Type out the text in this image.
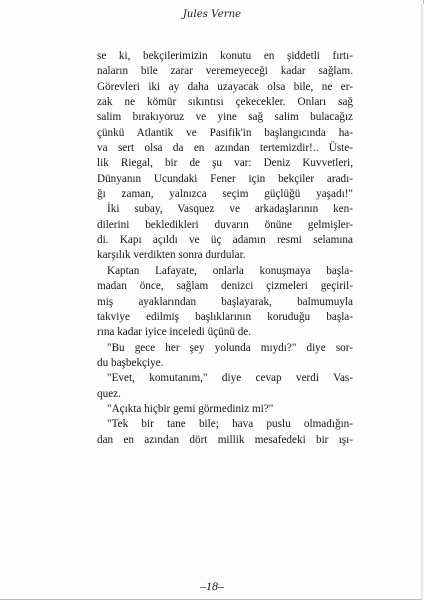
Jules Verne
se ki, bekçilerimizin konutu en şiddetli fırtı-
naların bile zarar veremeyeceği kadar sağlam.
Görevleri iki ay daha uzayacak olsa bile, ne er-
zak ne kömür sıkıntısı çekecekler. Onları sağ
salim bırakıyoruz ve yine sağ salim bulacağız
çünkü Atlantik ve Pasifik'in başlangıcında ha-
va sert olsa da en azından tertemizdir!.. Üste-
lik Riegal, bir de şu var: Deniz Kuvvetleri,
Dünyanın Ucundaki Fener için bekçiler aradı-
ğı zaman, yalnızca seçim güçlüğü yaşadı!"
İki subay, Vasquez ve arkadaşlarının ken-
dilerini bekledikleri duvarın önüne gelmişler-
di. Kapı açıldı ve üç adamın resmi selamına
karşılık verdikten sonra durdular.
Kaptan Lafayate, onlarla konuşmaya başla-
madan önce, sağlam denizci çizmeleri geçiril-
miş ayaklarından başlayarak, balmumuyla
takviye edilmiş başlıklarının koruduğu başla-
rına kadar iyice inceledi üçünü de.
"Bu gece her şey yolunda mıydı?" diye sor-
du başbekçiye.
"Evet, komutanım," diye cevap verdi Vas-
quez.
"Açıkta hiçbir gemi görmediniz mi?"
"Tek bir tane bile; hava puslu olmadığın-
dan en azından dört millik mesafedeki bir ışı-
–18–
